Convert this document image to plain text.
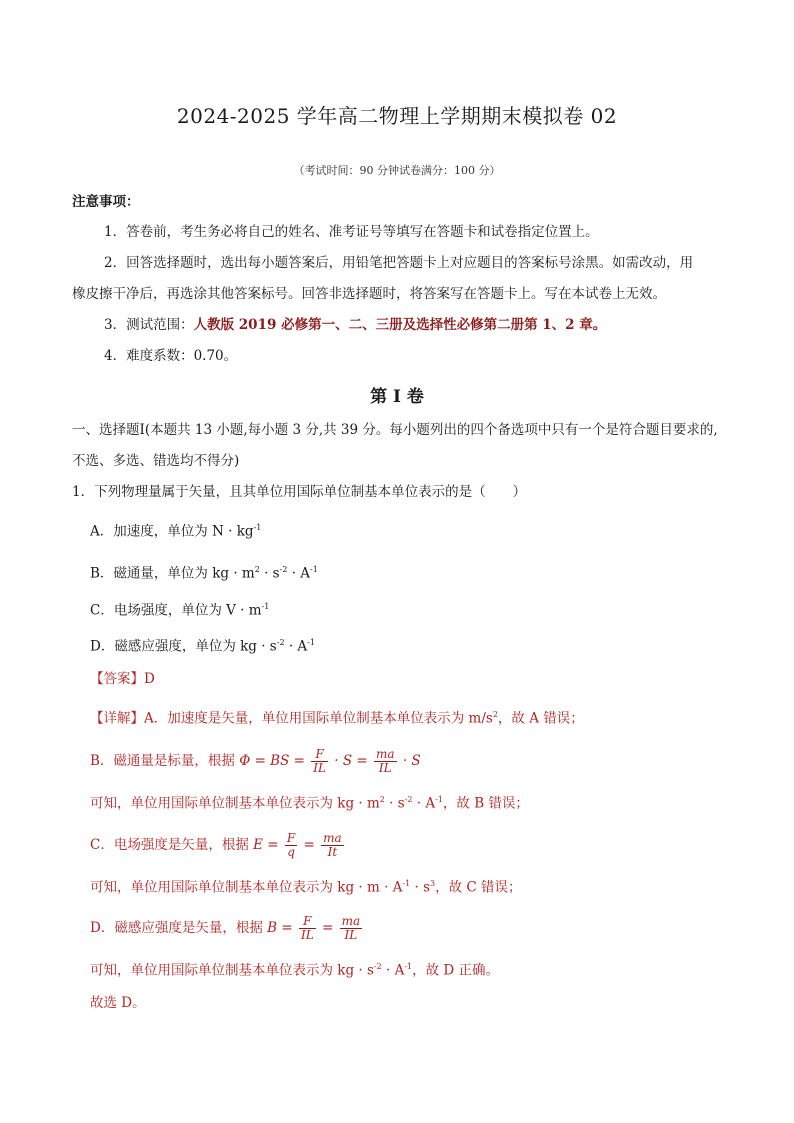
2024-2025 学年高二物理上学期期末模拟卷 02
（考试时间：90 分钟试卷满分：100 分）
注意事项：
1．答卷前，考生务必将自己的姓名、准考证号等填写在答题卡和试卷指定位置上。
2．回答选择题时，选出每小题答案后，用铅笔把答题卡上对应题目的答案标号涂黑。如需改动，用
橡皮擦干净后，再选涂其他答案标号。回答非选择题时，将答案写在答题卡上。写在本试卷上无效。
3．测试范围：人教版 2019 必修第一、二、三册及选择性必修第二册第 1、2 章。
4．难度系数：0.70。
第 I 卷
一、选择题Ⅰ(本题共 13 小题,每小题 3 分,共 39 分。每小题列出的四个备选项中只有一个是符合题目要求的,
不选、多选、错选均不得分)
1．下列物理量属于矢量，且其单位用国际单位制基本单位表示的是（　　）
A．加速度，单位为 $N \cdot kg^{-1}$
B．磁通量，单位为 kg · $m^2 \cdot s^{-2} \cdot A^{-1}$
C．电场强度，单位为 $V \cdot m^{-1}$
D．磁感应强度，单位为 kg · $s^{-2} \cdot A^{-1}$
【答案】D
【详解】A．加速度是矢量，单位用国际单位制基本单位表示为 $m/s^2$，故 A 错误；
B．磁通量是标量，根据 Φ = BS = $\frac{F}{IL} \cdot S = \frac{ma}{IL} \cdot S$
可知，单位用国际单位制基本单位表示为 kg · $m^2 \cdot s^{-2} \cdot A^{-1}$，故 B 错误；
C．电场强度是矢量，根据 $E = \frac{F}{q} = \frac{ma}{It}$
可知，单位用国际单位制基本单位表示为 kg · $m \cdot A^{-1} \cdot s^3$，故 C 错误；
D．磁感应强度是矢量，根据 $B = \frac{F}{IL} = \frac{ma}{IL}$
可知，单位用国际单位制基本单位表示为 kg · $s^{-2} \cdot A^{-1}$，故 D 正确。
故选 D。
